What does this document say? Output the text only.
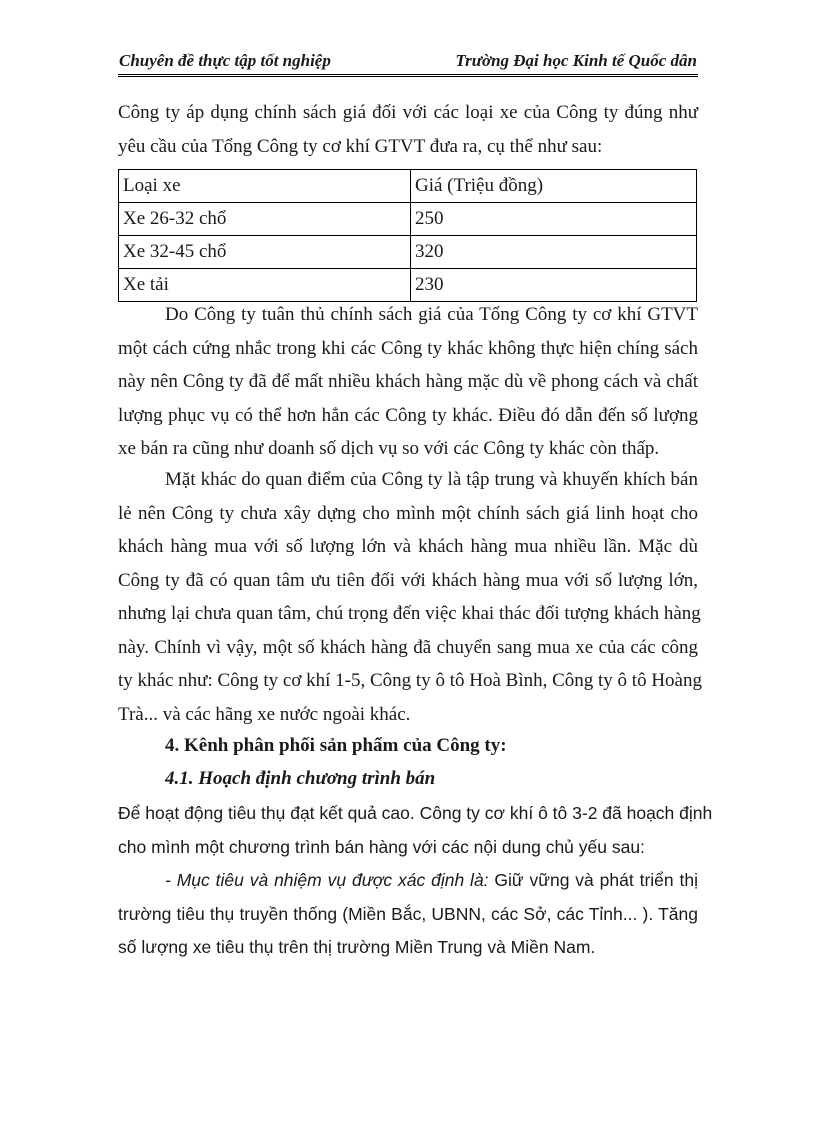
Chuyên đề thực tập tốt nghiệp	Trường Đại học Kinh tế Quốc dân
Công ty áp dụng chính sách giá đối với các loại xe của Công ty đúng như
yêu cầu của Tổng Công ty cơ khí GTVT đưa ra, cụ thể như sau:
Loại xe	Giá (Triệu đồng)
Xe 26-32 chổ	250
Xe 32-45 chổ	320
Xe tải	230
Do Công ty tuân thủ chính sách giá của Tổng Công ty cơ khí GTVT
một cách cứng nhắc trong khi các Công ty khác không thực hiện chíng sách
này nên Công ty đã để mất nhiều khách hàng mặc dù về phong cách và chất
lượng phục vụ có thể hơn hẳn các Công ty khác. Điều đó dẫn đến số lượng
xe bán ra cũng như doanh số dịch vụ so với các Công ty khác còn thấp.
Mặt khác do quan điểm của Công ty là tập trung và khuyến khích bán
lẻ nên Công ty chưa xây dựng cho mình một chính sách giá linh hoạt cho
khách hàng mua với số lượng lớn và khách hàng mua nhiều lần. Mặc dù
Công ty đã có quan tâm ưu tiên đối với khách hàng mua với số lượng lớn,
nhưng lại chưa quan tâm, chú trọng đến việc khai thác đối tượng khách hàng
này. Chính vì vậy, một số khách hàng đã chuyển sang mua xe của các công
ty khác như: Công ty cơ khí 1-5, Công ty ô tô Hoà Bình, Công ty ô tô Hoàng
Trà... và các hãng xe nước ngoài khác.
4. Kênh phân phối sản phẩm của Công ty:
4.1. Hoạch định chương trình bán
Để hoạt động tiêu thụ đạt kết quả cao. Công ty cơ khí ô tô 3-2 đã hoạch định
cho mình một chương trình bán hàng với các nội dung chủ yếu sau:
- Mục tiêu và nhiệm vụ được xác định là: Giữ vững và phát triển thị
trường tiêu thụ truyền thống (Miền Bắc, UBNN, các Sở, các Tỉnh... ). Tăng
số lượng xe tiêu thụ trên thị trường Miền Trung và Miền Nam.
